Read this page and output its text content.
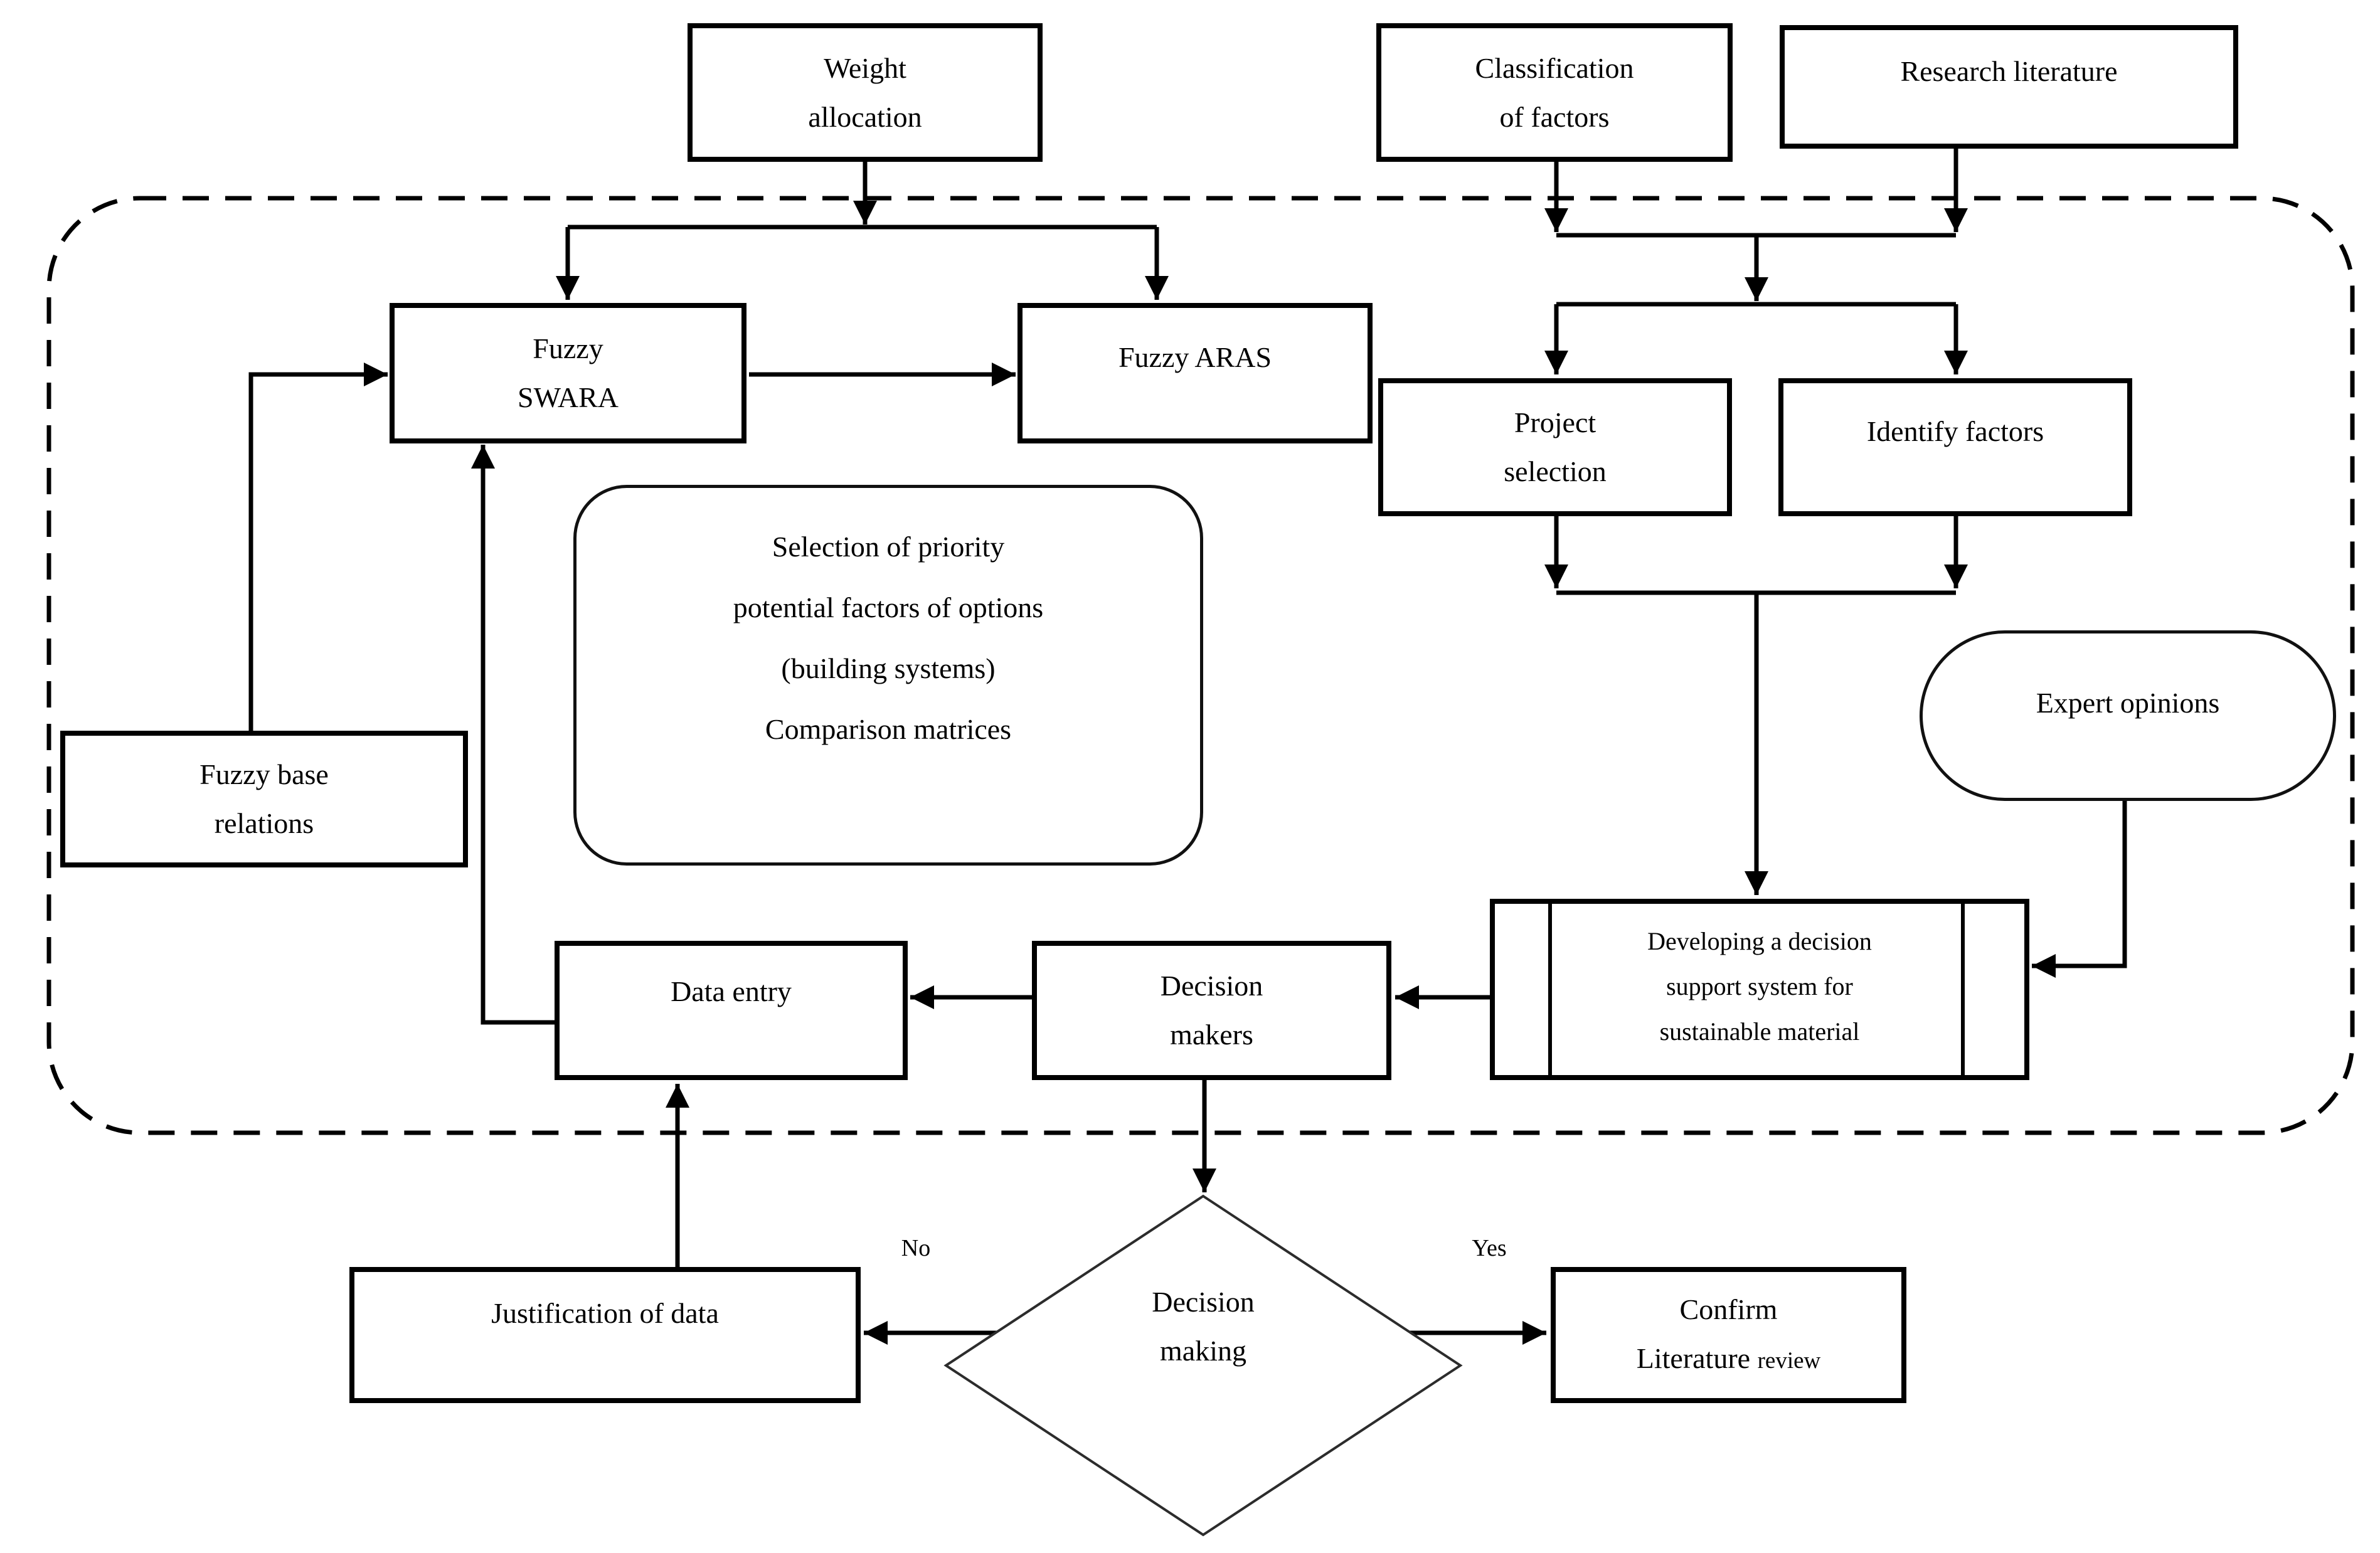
Weight
allocation
Classification
of factors
Research literature
Fuzzy
SWARA
Fuzzy ARAS
Selection of priority
potential factors of options
(building systems)
Comparison matrices
Fuzzy base
relations
Project
selection
Identify factors
Expert opinions
Developing a decision
support system for
sustainable material
Data entry	Decision
makers
Justification of data	Confirm
Literature review
Decision
making
No	Yes
